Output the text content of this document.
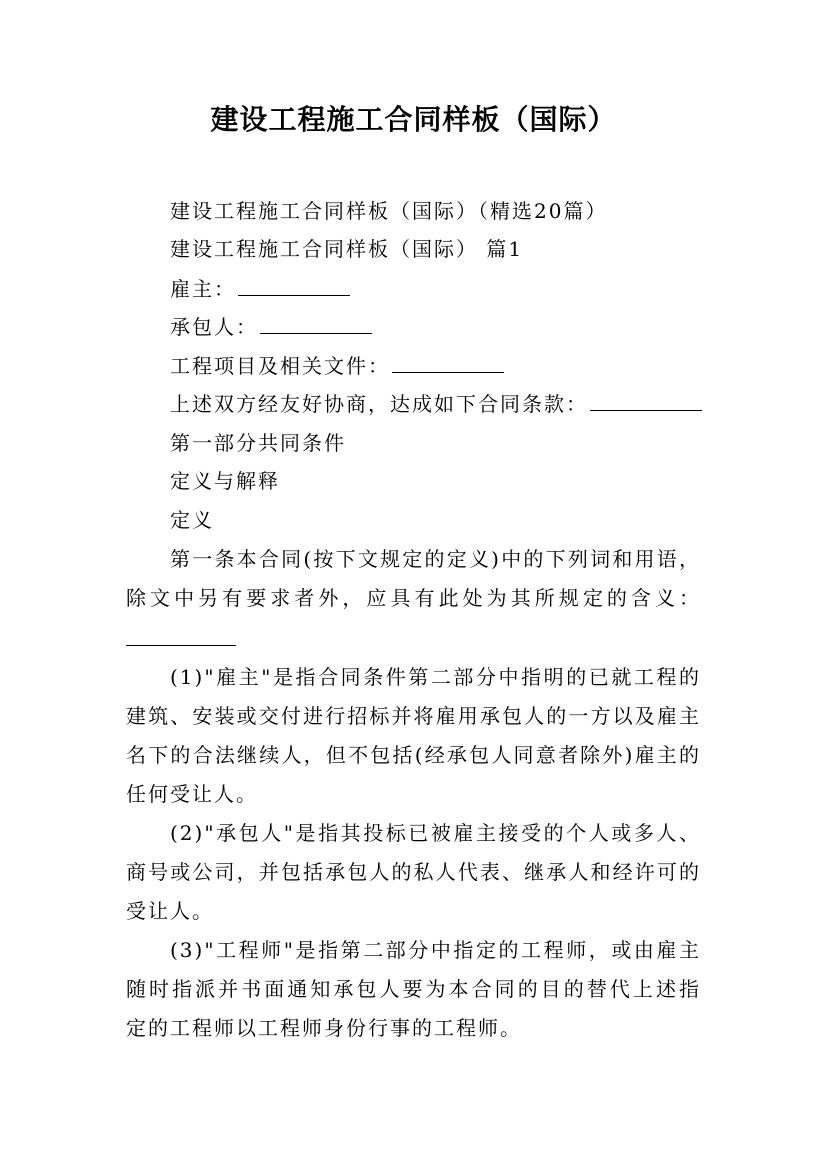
建设工程施工合同样板（国际）
建设工程施工合同样板（国际）（精选20篇）
建设工程施工合同样板（国际） 篇1
雇主：
承包人：
工程项目及相关文件：
上述双方经友好协商，达成如下合同条款：
第一部分共同条件
定义与解释
定义
第一条本合同(按下文规定的定义)中的下列词和用语，
除文中另有要求者外，应具有此处为其所规定的含义：
(1)"雇主"是指合同条件第二部分中指明的已就工程的
建筑、安装或交付进行招标并将雇用承包人的一方以及雇主
名下的合法继续人，但不包括(经承包人同意者除外)雇主的
任何受让人。
(2)"承包人"是指其投标已被雇主接受的个人或多人、
商号或公司，并包括承包人的私人代表、继承人和经许可的
受让人。
(3)"工程师"是指第二部分中指定的工程师，或由雇主
随时指派并书面通知承包人要为本合同的目的替代上述指
定的工程师以工程师身份行事的工程师。
